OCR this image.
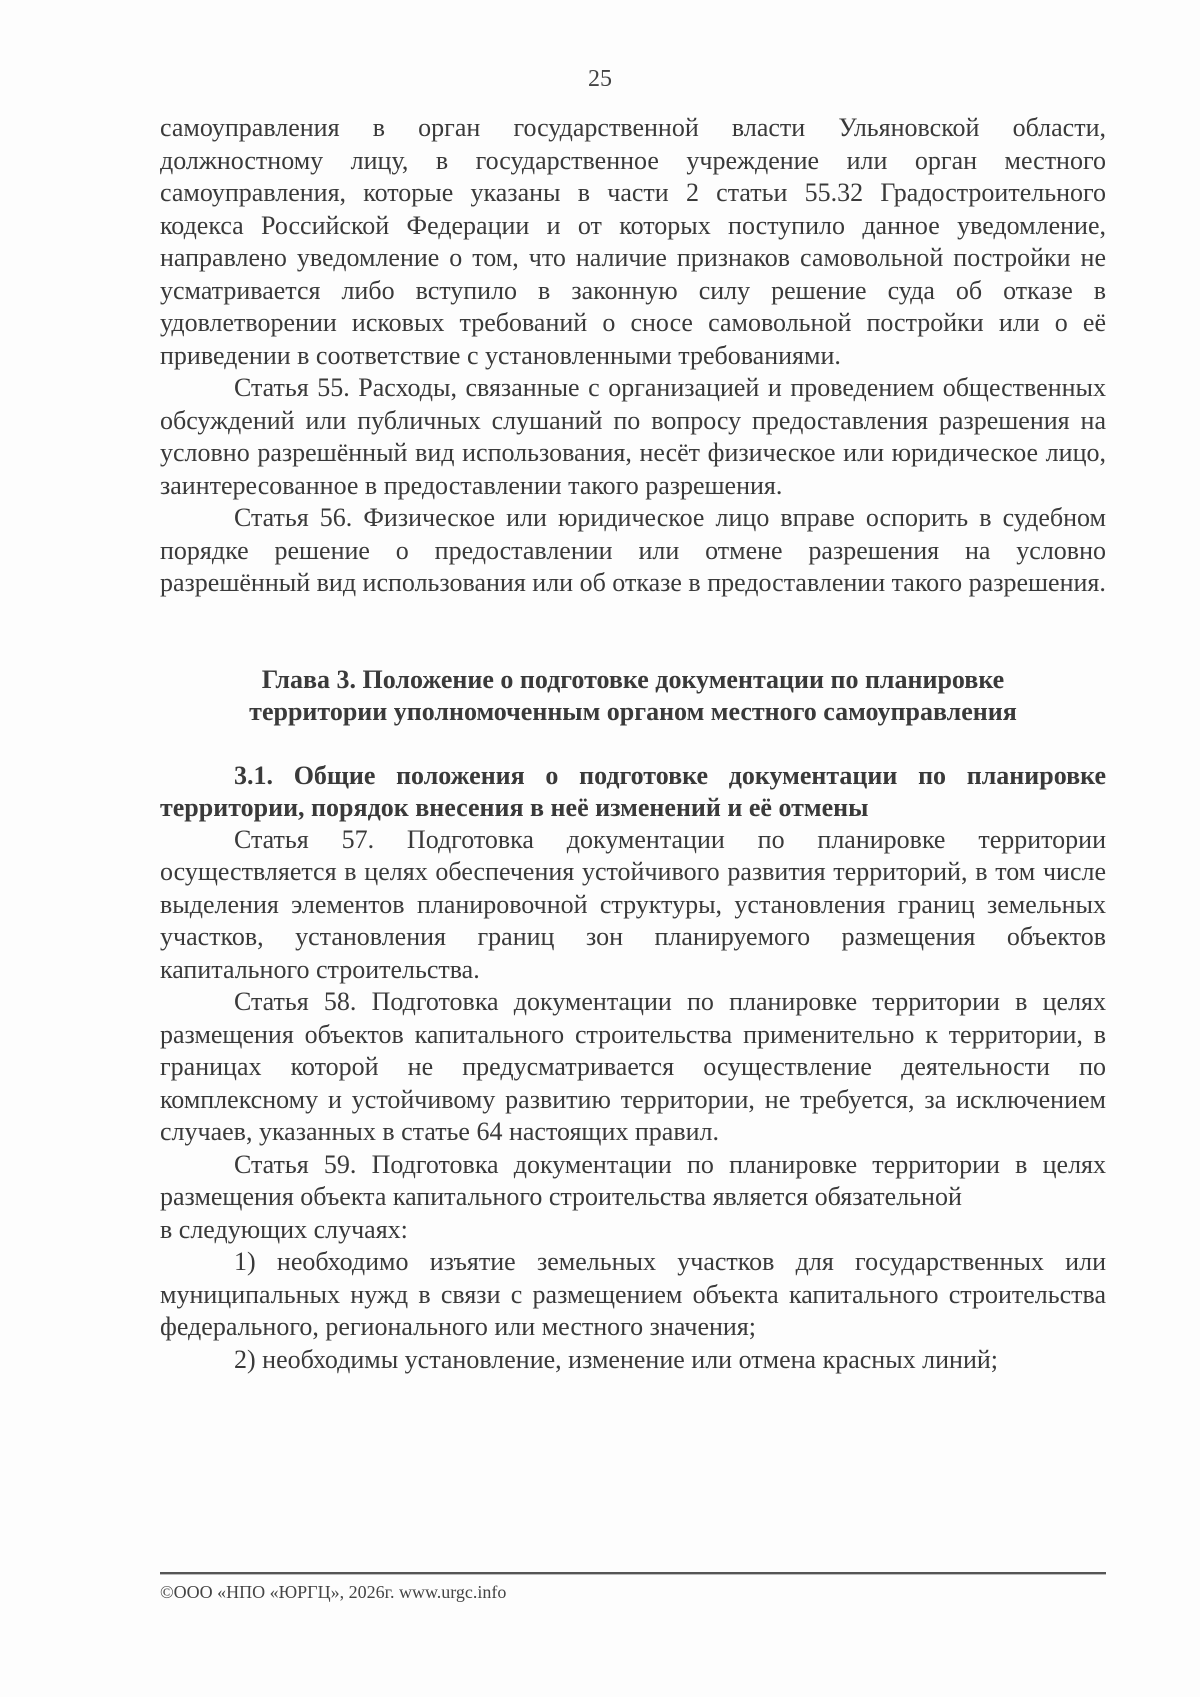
25

самоуправления в орган государственной власти Ульяновской области, должностному лицу, в государственное учреждение или орган местного самоуправления, которые указаны в части 2 статьи 55.32 Градостроительного кодекса Российской Федерации и от которых поступило данное уведомление, направлено уведомление о том, что наличие признаков самовольной постройки не усматривается либо вступило в законную силу решение суда об отказе в удовлетворении исковых требований о сносе самовольной постройки или о её приведении в соответствие с установленными требованиями.

Статья 55. Расходы, связанные с организацией и проведением общественных обсуждений или публичных слушаний по вопросу предоставления разрешения на условно разрешённый вид использования, несёт физическое или юридическое лицо, заинтересованное в предоставлении такого разрешения.

Статья 56. Физическое или юридическое лицо вправе оспорить в судебном порядке решение о предоставлении или отмене разрешения на условно разрешённый вид использования или об отказе в предоставлении такого разрешения.

Глава 3. Положение о подготовке документации по планировке

территории уполномоченным органом местного самоуправления

3.1. Общие положения о подготовке документации по планировке территории, порядок внесения в неё изменений и её отмены

Статья 57. Подготовка документации по планировке территории осуществляется в целях обеспечения устойчивого развития территорий, в том числе выделения элементов планировочной структуры, установления границ земельных участков, установления границ зон планируемого размещения объектов капитального строительства.

Статья 58. Подготовка документации по планировке территории в целях размещения объектов капитального строительства применительно к территории, в границах которой не предусматривается осуществление деятельности по комплексному и устойчивому развитию территории, не требуется, за исключением случаев, указанных в статье 64 настоящих правил.

Статья 59. Подготовка документации по планировке территории в целях размещения объекта капитального строительства является обязательной

в следующих случаях:

1) необходимо изъятие земельных участков для государственных или муниципальных нужд в связи с размещением объекта капитального строительства федерального, регионального или местного значения;

2) необходимы установление, изменение или отмена красных линий;

©ООО «НПО «ЮРГЦ», 2026г. www.urgc.info
